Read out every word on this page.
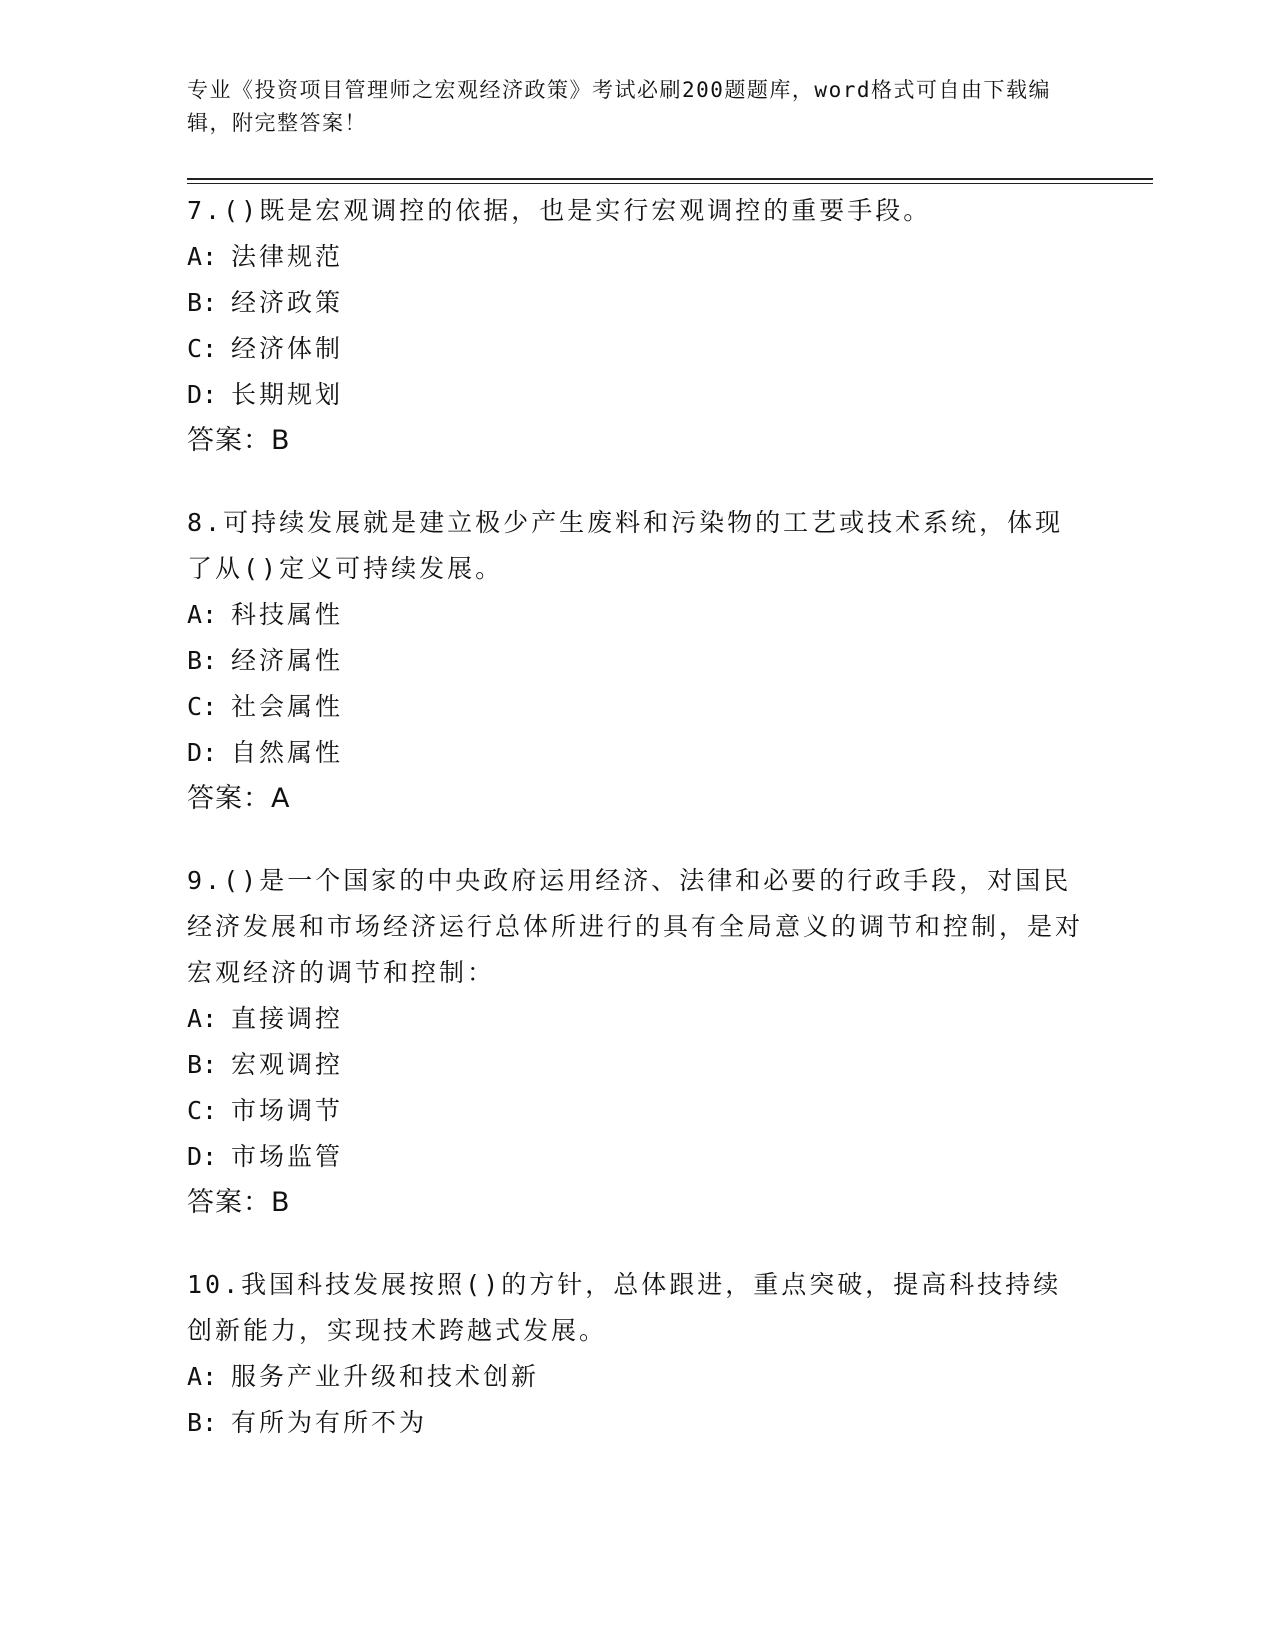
专业《投资项目管理师之宏观经济政策》考试必刷200题题库，word格式可自由下载编辑，附完整答案！

7.()既是宏观调控的依据，也是实行宏观调控的重要手段。

A: 法律规范

B: 经济政策

C: 经济体制

D: 长期规划

答案：B

8.可持续发展就是建立极少产生废料和污染物的工艺或技术系统，体现了从()定义可持续发展。

A: 科技属性

B: 经济属性

C: 社会属性

D: 自然属性

答案：A

9.()是一个国家的中央政府运用经济、法律和必要的行政手段，对国民经济发展和市场经济运行总体所进行的具有全局意义的调节和控制，是对宏观经济的调节和控制：

A: 直接调控

B: 宏观调控

C: 市场调节

D: 市场监管

答案：B

10.我国科技发展按照()的方针，总体跟进，重点突破，提高科技持续创新能力，实现技术跨越式发展。

A: 服务产业升级和技术创新

B: 有所为有所不为
